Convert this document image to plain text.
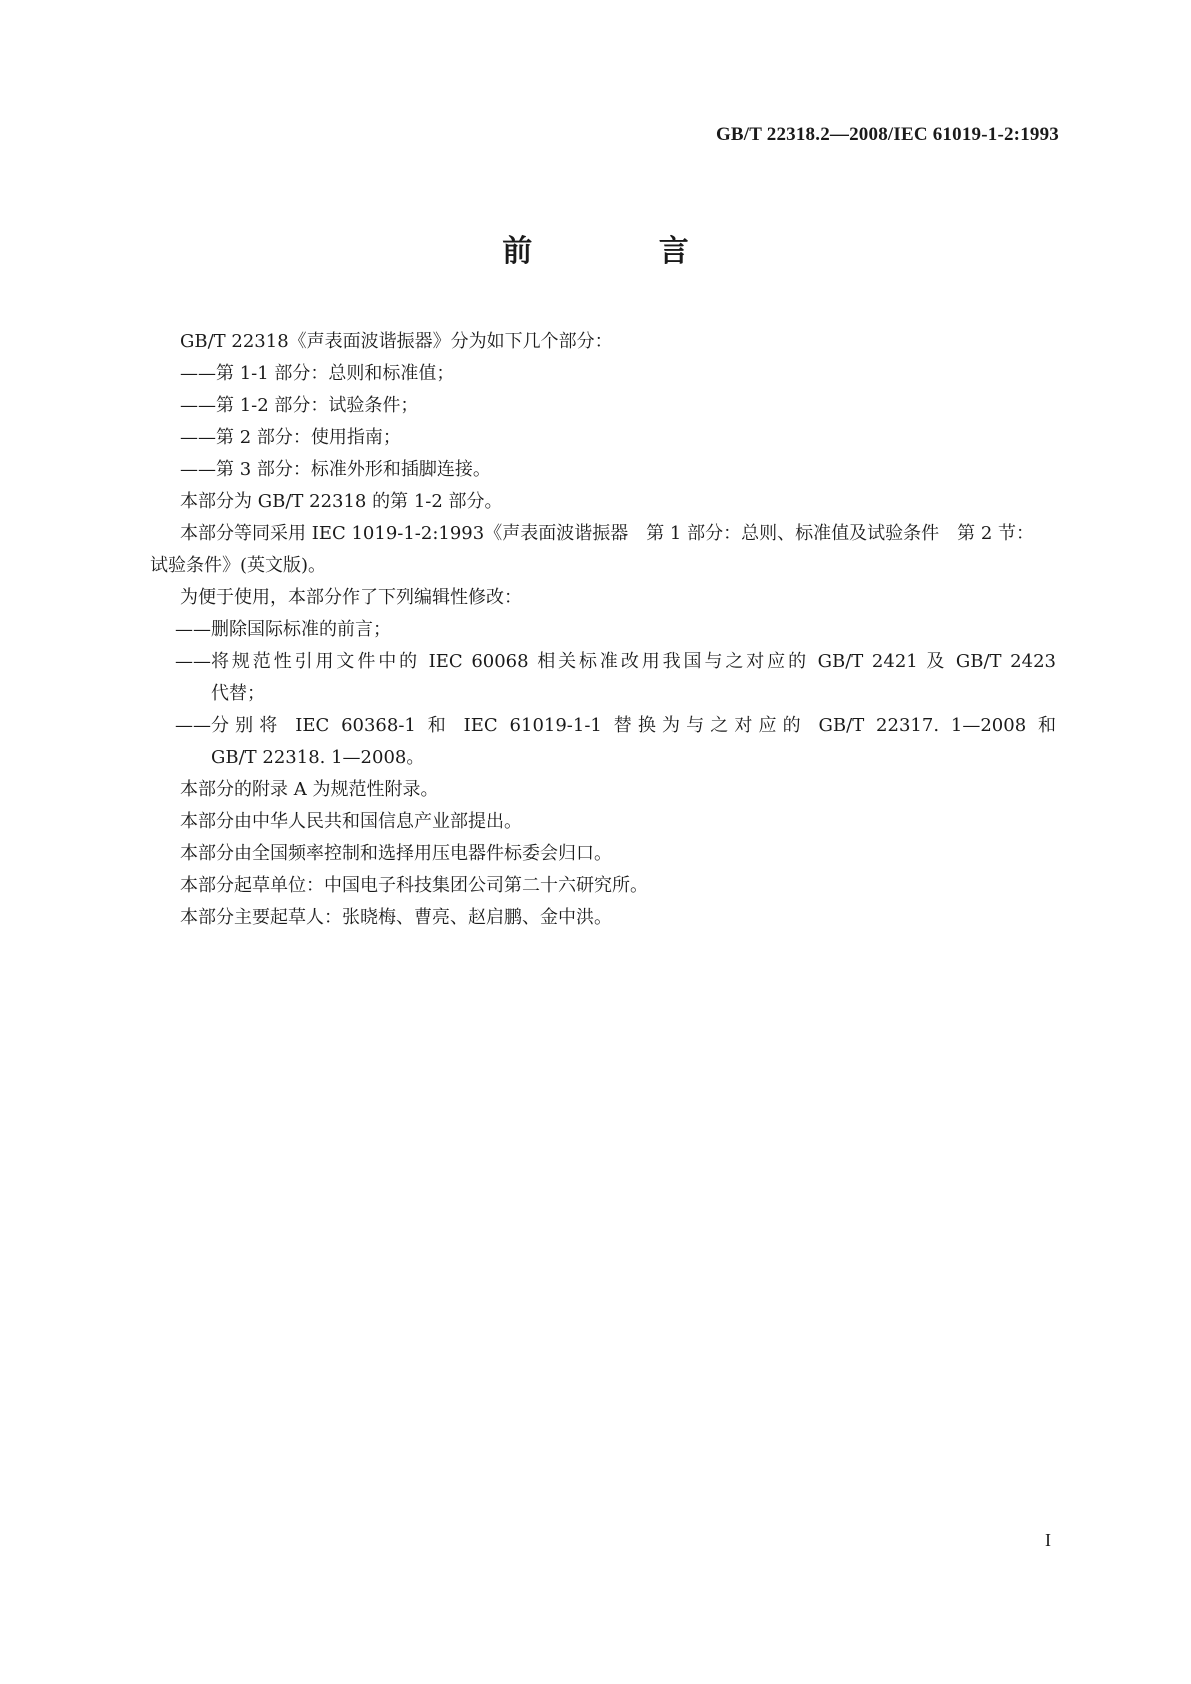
GB/T 22318.2—2008/IEC 61019-1-2:1993
前 言

GB/T 22318《声表面波谐振器》分为如下几个部分：

——第 1-1 部分：总则和标准值；

——第 1-2 部分：试验条件；

——第 2 部分：使用指南；

——第 3 部分：标准外形和插脚连接。

本部分为 GB/T 22318 的第 1-2 部分。

本部分等同采用 IEC 1019-1-2:1993《声表面波谐振器　第 1 部分：总则、标准值及试验条件　第 2 节：

试验条件》(英文版)。

为便于使用，本部分作了下列编辑性修改：

—— 删除国际标准的前言；
—— 将规范性引用文件中的 IEC 60068 相关标准改用我国与之对应的 GB/T 2421 及 GB/T 2423
代替；
—— 分别将 IEC 60368-1 和 IEC 61019-1-1 替换为与之对应的 GB/T 22317. 1—2008 和
GB/T 22318. 1—2008。

本部分的附录 A 为规范性附录。

本部分由中华人民共和国信息产业部提出。

本部分由全国频率控制和选择用压电器件标委会归口。

本部分起草单位：中国电子科技集团公司第二十六研究所。

本部分主要起草人：张晓梅、曹亮、赵启鹏、金中洪。

I
